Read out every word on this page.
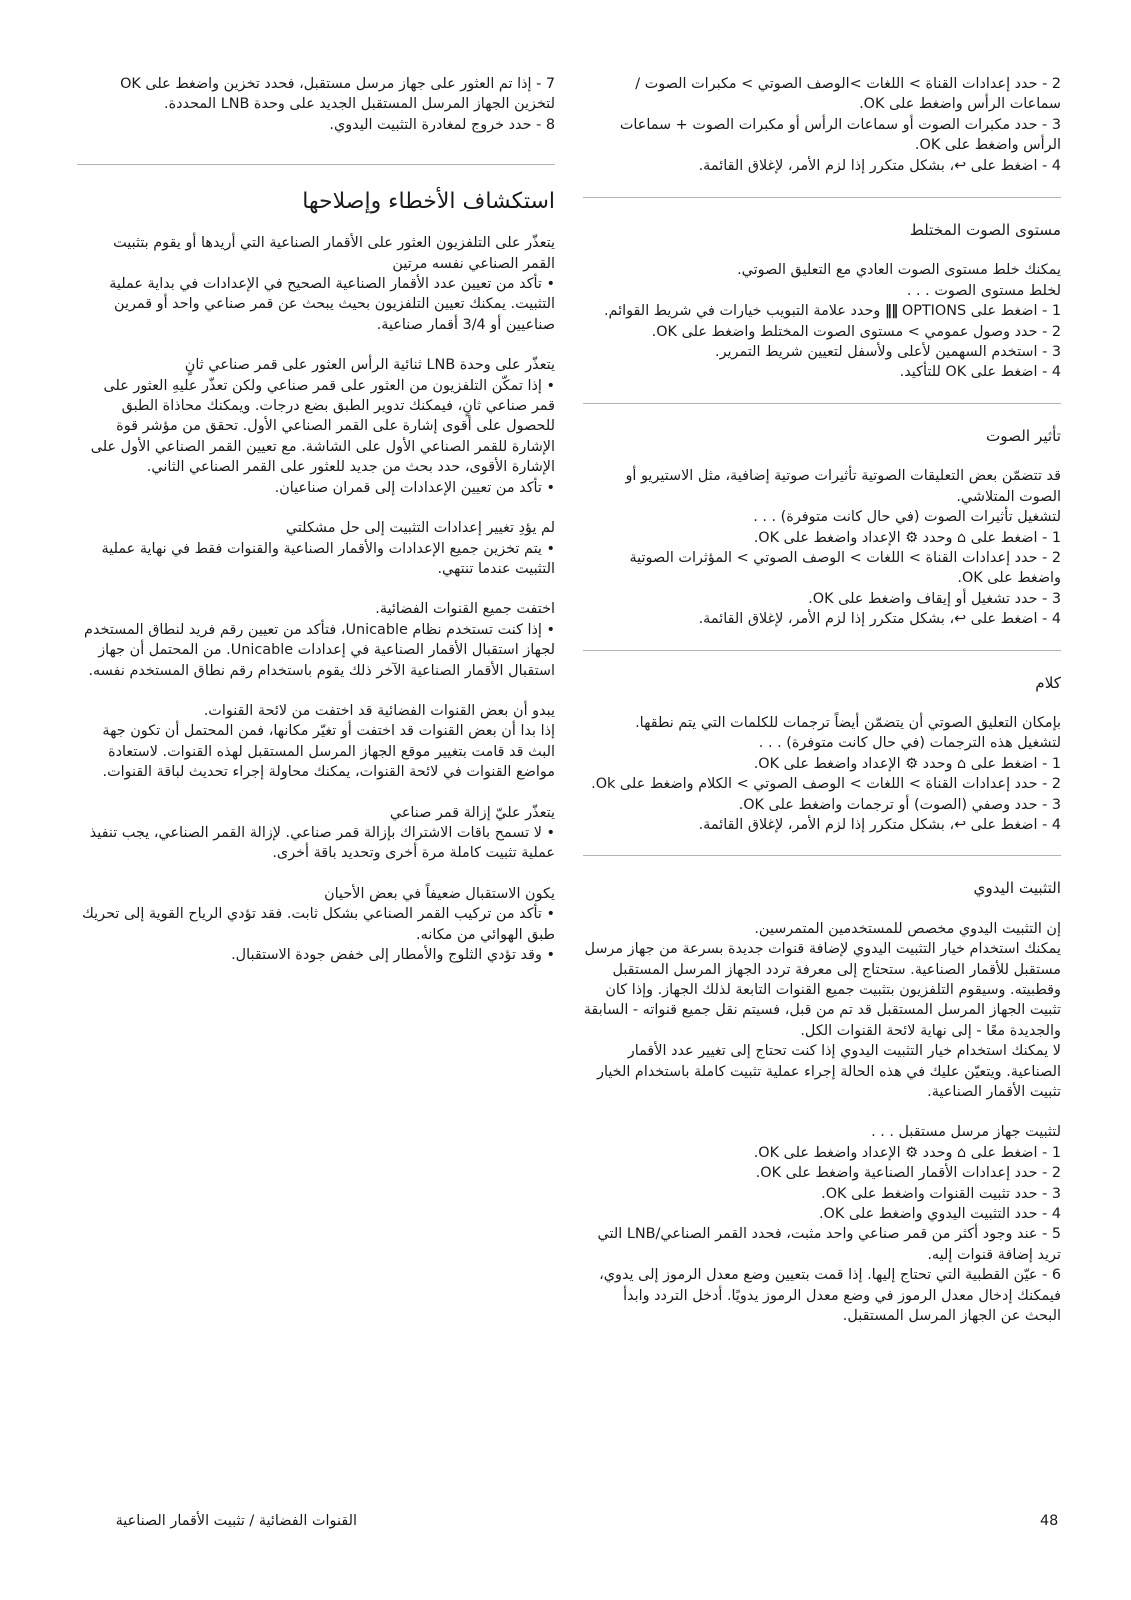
2 - حدد إعدادات القناة > اللغات >الوصف الصوتي > مكبرات الصوت / سماعات الرأس واضغط على OK.

3 - حدد مكبرات الصوت أو سماعات الرأس أو مكبرات الصوت + سماعات الرأس واضغط على OK.

4 - اضغط على ↩، بشكل متكرر إذا لزم الأمر، لإغلاق القائمة.

مستوى الصوت المختلط

يمكنك خلط مستوى الصوت العادي مع التعليق الصوتي.

لخلط مستوى الصوت . . .

1 - اضغط على ‖‖ OPTIONS وحدد علامة التبويب خيارات في شريط القوائم.

2 - حدد وصول عمومي > مستوى الصوت المختلط واضغط على OK.

3 - استخدم السهمين لأعلى ولأسفل لتعيين شريط التمرير.

4 - اضغط على OK للتأكيد.

تأثير الصوت

قد تتضمّن بعض التعليقات الصوتية تأثيرات صوتية إضافية، مثل الاستيريو أو الصوت المتلاشي.

لتشغيل تأثيرات الصوت (في حال كانت متوفرة) . . .

1 - اضغط على ⌂ وحدد ⚙ الإعداد واضغط على OK.

2 - حدد إعدادات القناة > اللغات > الوصف الصوتي > المؤثرات الصوتية واضغط على OK.

3 - حدد تشغيل أو إيقاف واضغط على OK.

4 - اضغط على ↩، بشكل متكرر إذا لزم الأمر، لإغلاق القائمة.

كلام

بإمكان التعليق الصوتي أن يتضمّن أيضاً ترجمات للكلمات التي يتم نطقها.

لتشغيل هذه الترجمات (في حال كانت متوفرة) . . .

1 - اضغط على ⌂ وحدد ⚙ الإعداد واضغط على OK.

2 - حدد إعدادات القناة > اللغات > الوصف الصوتي > الكلام واضغط على Ok.

3 - حدد وصفي (الصوت) أو ترجمات واضغط على OK.

4 - اضغط على ↩، بشكل متكرر إذا لزم الأمر، لإغلاق القائمة.

التثبيت اليدوي

إن التثبيت اليدوي مخصص للمستخدمين المتمرسين.

يمكنك استخدام خيار التثبيت اليدوي لإضافة قنوات جديدة بسرعة من جهاز مرسل مستقبل للأقمار الصناعية. ستحتاج إلى معرفة تردد الجهاز المرسل المستقبل وقطبيته. وسيقوم التلفزيون بتثبيت جميع القنوات التابعة لذلك الجهاز. وإذا كان تثبيت الجهاز المرسل المستقبل قد تم من قبل، فسيتم نقل جميع قنواته - السابقة والجديدة معًا - إلى نهاية لائحة القنوات الكل.

لا يمكنك استخدام خيار التثبيت اليدوي إذا كنت تحتاج إلى تغيير عدد الأقمار الصناعية. ويتعيّن عليك في هذه الحالة إجراء عملية تثبيت كاملة باستخدام الخيار تثبيت الأقمار الصناعية.

لتثبيت جهاز مرسل مستقبل . . .

1 - اضغط على ⌂ وحدد ⚙ الإعداد واضغط على OK.

2 - حدد إعدادات الأقمار الصناعية واضغط على OK.

3 - حدد تثبيت القنوات واضغط على OK.

4 - حدد التثبيت اليدوي واضغط على OK.

5 - عند وجود أكثر من قمر صناعي واحد مثبت، فحدد القمر الصناعي/LNB التي تريد إضافة قنوات إليه.

6 - عيّن القطبية التي تحتاج إليها. إذا قمت بتعيين وضع معدل الرموز إلى يدوي، فيمكنك إدخال معدل الرموز في وضع معدل الرموز يدويًا. أدخل التردد وابدأ البحث عن الجهاز المرسل المستقبل.

7 - إذا تم العثور على جهاز مرسل مستقبل، فحدد تخزين واضغط على OK لتخزين الجهاز المرسل المستقبل الجديد على وحدة LNB المحددة.

8 - حدد خروج لمغادرة التثبيت اليدوي.

استكشاف الأخطاء وإصلاحها

يتعذّر على التلفزيون العثور على الأقمار الصناعية التي أريدها أو يقوم بتثبيت القمر الصناعي نفسه مرتين

• تأكد من تعيين عدد الأقمار الصناعية الصحيح في الإعدادات في بداية عملية التثبيت. يمكنك تعيين التلفزيون بحيث يبحث عن قمر صناعي واحد أو قمرين صناعيين أو 3/4 أقمار صناعية.

يتعذّر على وحدة LNB ثنائية الرأس العثور على قمر صناعي ثانٍ

• إذا تمكّن التلفزيون من العثور على قمر صناعي ولكن تعذّر عليهِ العثور على قمر صناعي ثانٍ، فيمكنك تدوير الطبق بضع درجات. ويمكنك محاذاة الطبق للحصول على أقوى إشارة على القمر الصناعي الأول. تحقق من مؤشر قوة الإشارة للقمر الصناعي الأول على الشاشة. مع تعيين القمر الصناعي الأول على الإشارة الأقوى، حدد بحث من جديد للعثور على القمر الصناعي الثاني.

• تأكد من تعيين الإعدادات إلى قمران صناعيان.

لم يؤدِ تغيير إعدادات التثبيت إلى حل مشكلتي

• يتم تخزين جميع الإعدادات والأقمار الصناعية والقنوات فقط في نهاية عملية التثبيت عندما تنتهي.

اختفت جميع القنوات الفضائية.

• إذا كنت تستخدم نظام Unicable، فتأكد من تعيين رقم فريد لنطاق المستخدم لجهاز استقبال الأقمار الصناعية في إعدادات Unicable. من المحتمل أن جهاز استقبال الأقمار الصناعية الآخر ذلك يقوم باستخدام رقم نطاق المستخدم نفسه.

يبدو أن بعض القنوات الفضائية قد اختفت من لائحة القنوات.

إذا بدا أن بعض القنوات قد اختفت أو تغيّر مكانها، فمن المحتمل أن تكون جهة البث قد قامت بتغيير موقع الجهاز المرسل المستقبل لهذه القنوات. لاستعادة مواضع القنوات في لائحة القنوات، يمكنك محاولة إجراء تحديث لباقة القنوات.

يتعذّر عليّ إزالة قمر صناعي

• لا تسمح باقات الاشتراك بإزالة قمر صناعي. لإزالة القمر الصناعي، يجب تنفيذ عملية تثبيت كاملة مرة أخرى وتحديد باقة أخرى.

يكون الاستقبال ضعيفاً في بعض الأحيان

• تأكد من تركيب القمر الصناعي بشكل ثابت. فقد تؤدي الرياح القوية إلى تحريك طبق الهوائي من مكانه.

• وقد تؤدي الثلوج والأمطار إلى خفض جودة الاستقبال.

48
القنوات الفضائية / تثبيت الأقمار الصناعية
